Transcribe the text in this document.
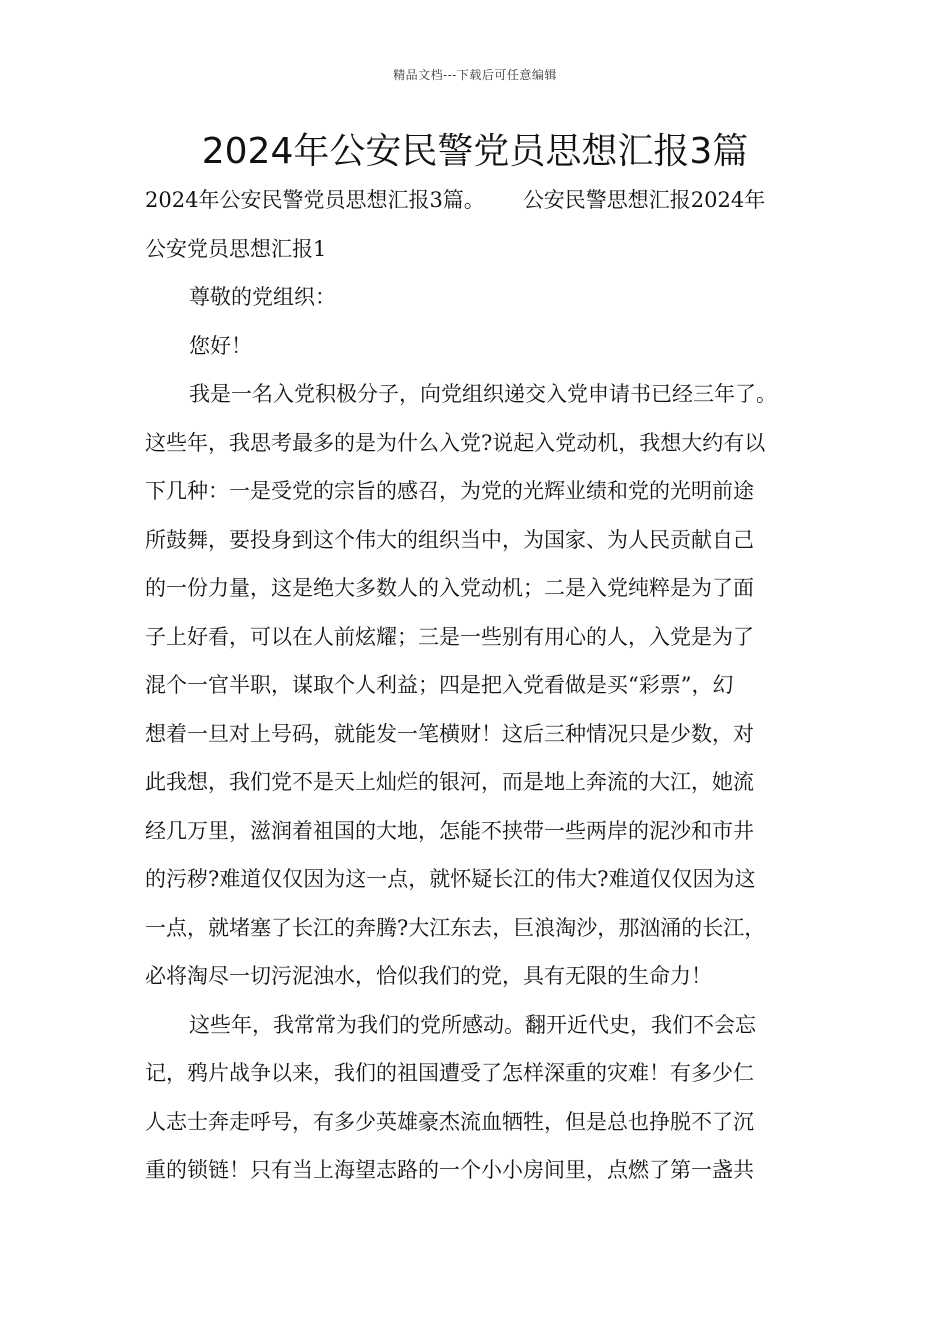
精品文档---下载后可任意编辑
2024年公安民警党员思想汇报3篇
2024年公安民警党员思想汇报3篇。 公安民警思想汇报2024年
公安党员思想汇报1
尊敬的党组织：
您好！
我是一名入党积极分子，向党组织递交入党申请书已经三年了。
这些年，我思考最多的是为什么入党?说起入党动机，我想大约有以
下几种：一是受党的宗旨的感召，为党的光辉业绩和党的光明前途
所鼓舞，要投身到这个伟大的组织当中，为国家、为人民贡献自己
的一份力量，这是绝大多数人的入党动机；二是入党纯粹是为了面
子上好看，可以在人前炫耀；三是一些别有用心的人，入党是为了
混个一官半职，谋取个人利益；四是把入党看做是买“彩票”，幻
想着一旦对上号码，就能发一笔横财！这后三种情况只是少数，对
此我想，我们党不是天上灿烂的银河，而是地上奔流的大江，她流
经几万里，滋润着祖国的大地，怎能不挟带一些两岸的泥沙和市井
的污秽?难道仅仅因为这一点，就怀疑长江的伟大?难道仅仅因为这
一点，就堵塞了长江的奔腾?大江东去，巨浪淘沙，那汹涌的长江，
必将淘尽一切污泥浊水，恰似我们的党，具有无限的生命力！
这些年，我常常为我们的党所感动。翻开近代史，我们不会忘
记，鸦片战争以来，我们的祖国遭受了怎样深重的灾难！有多少仁
人志士奔走呼号，有多少英雄豪杰流血牺牲，但是总也挣脱不了沉
重的锁链！只有当上海望志路的一个小小房间里，点燃了第一盏共
